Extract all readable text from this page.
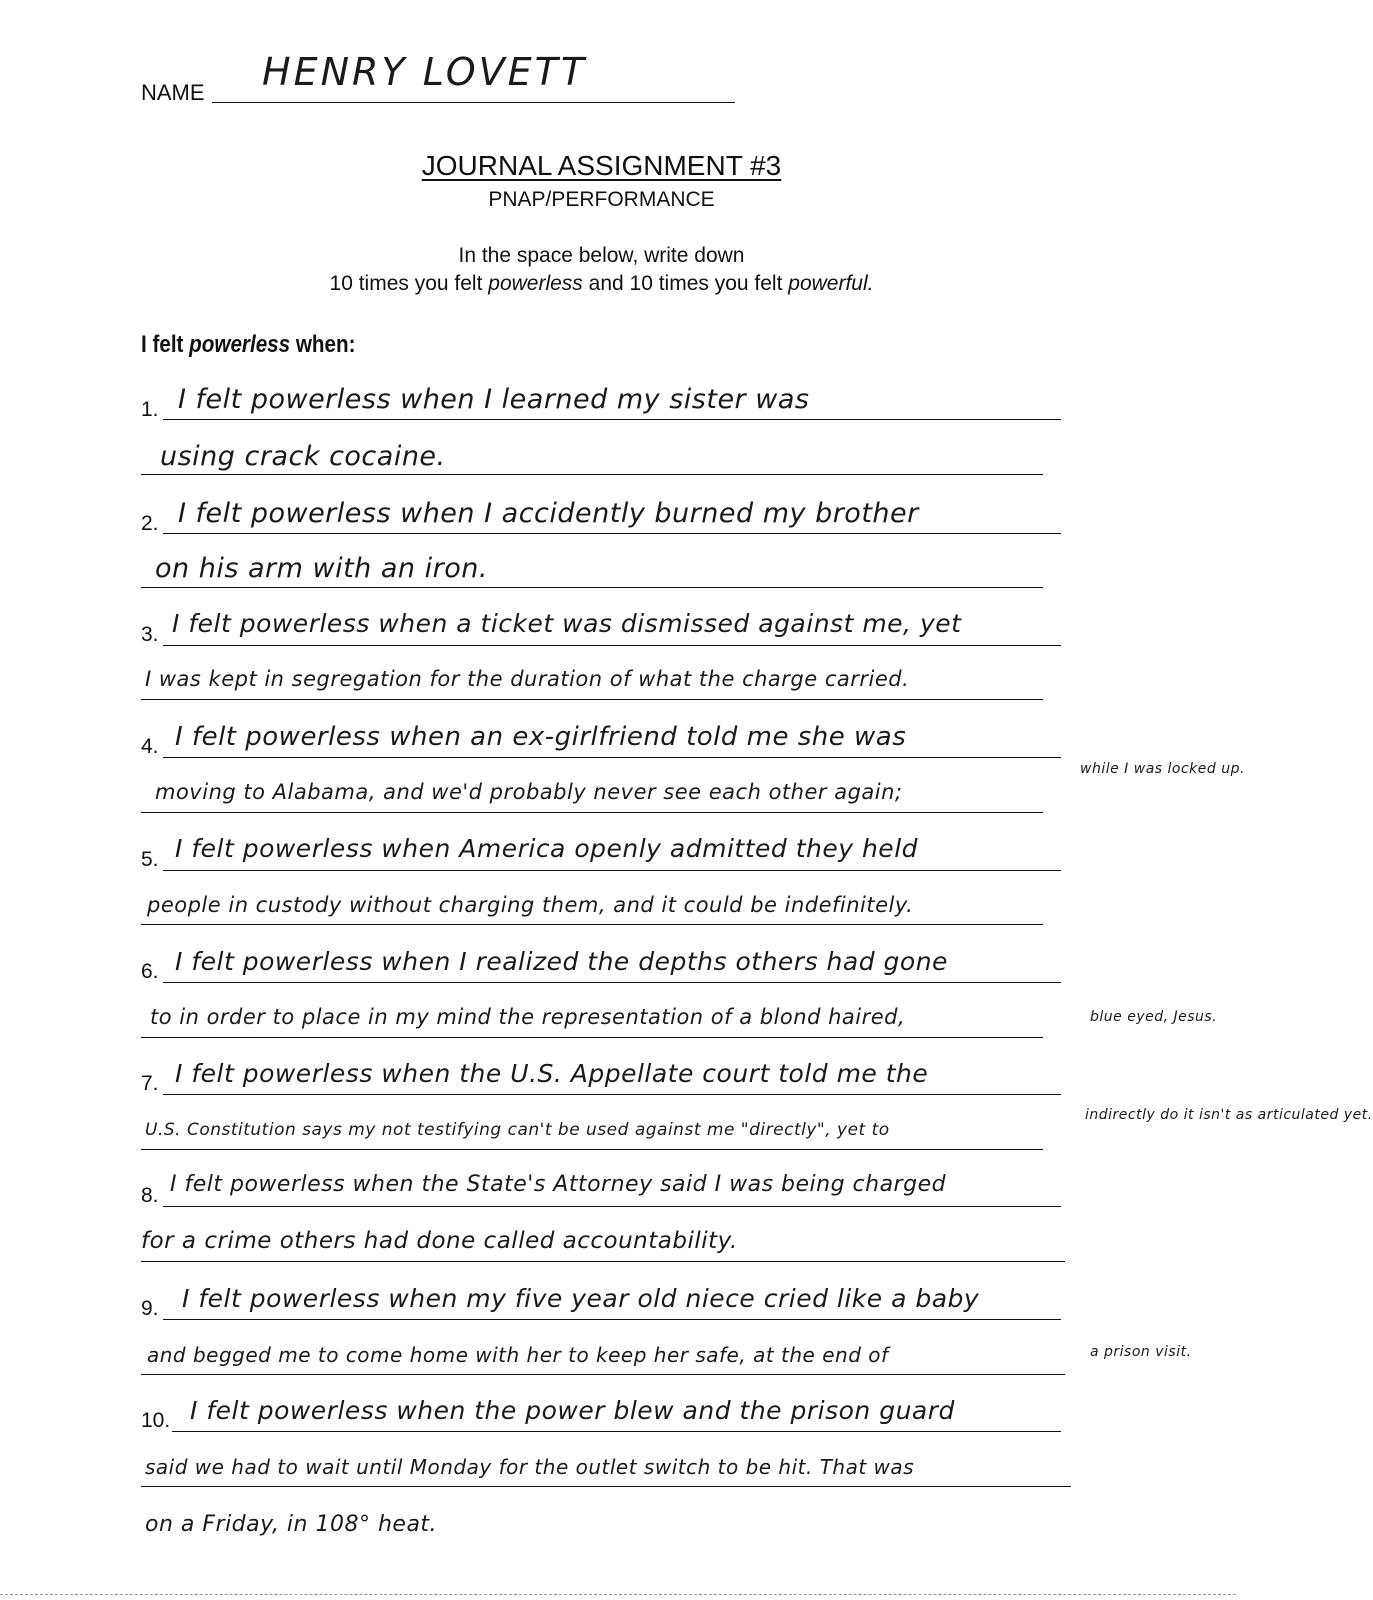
NAME HENRY LOVETT
JOURNAL ASSIGNMENT #3
PNAP/PERFORMANCE
In the space below, write down
10 times you felt powerless and 10 times you felt powerful.
I felt powerless when:
1. I felt powerless when I learned my sister was
using crack cocaine.
2. I felt powerless when I accidently burned my brother
on his arm with an iron.
3. I felt powerless when a ticket was dismissed against me, yet
I was kept in segregation for the duration of what the charge carried.
4. I felt powerless when an ex-girlfriend told me she was
moving to Alabama, and we'd probably never see each other again;
while I was locked up.
5. I felt powerless when America openly admitted they held
people in custody without charging them, and it could be indefinitely.
6. I felt powerless when I realized the depths others had gone
to in order to place in my mind the representation of a blond haired,	blue eyed, Jesus.
7. I felt powerless when the U.S. Appellate court told me the
U.S. Constitution says my not testifying can't be used against me "directly", yet to
indirectly do it isn't as articulated yet.
8. I felt powerless when the State's Attorney said I was being charged
for a crime others had done called accountability.
9. I felt powerless when my five year old niece cried like a baby
and begged me to come home with her to keep her safe, at the end of	a prison visit.
10. I felt powerless when the power blew and the prison guard
said we had to wait until Monday for the outlet switch to be hit. That was
on a Friday, in 108° heat.
